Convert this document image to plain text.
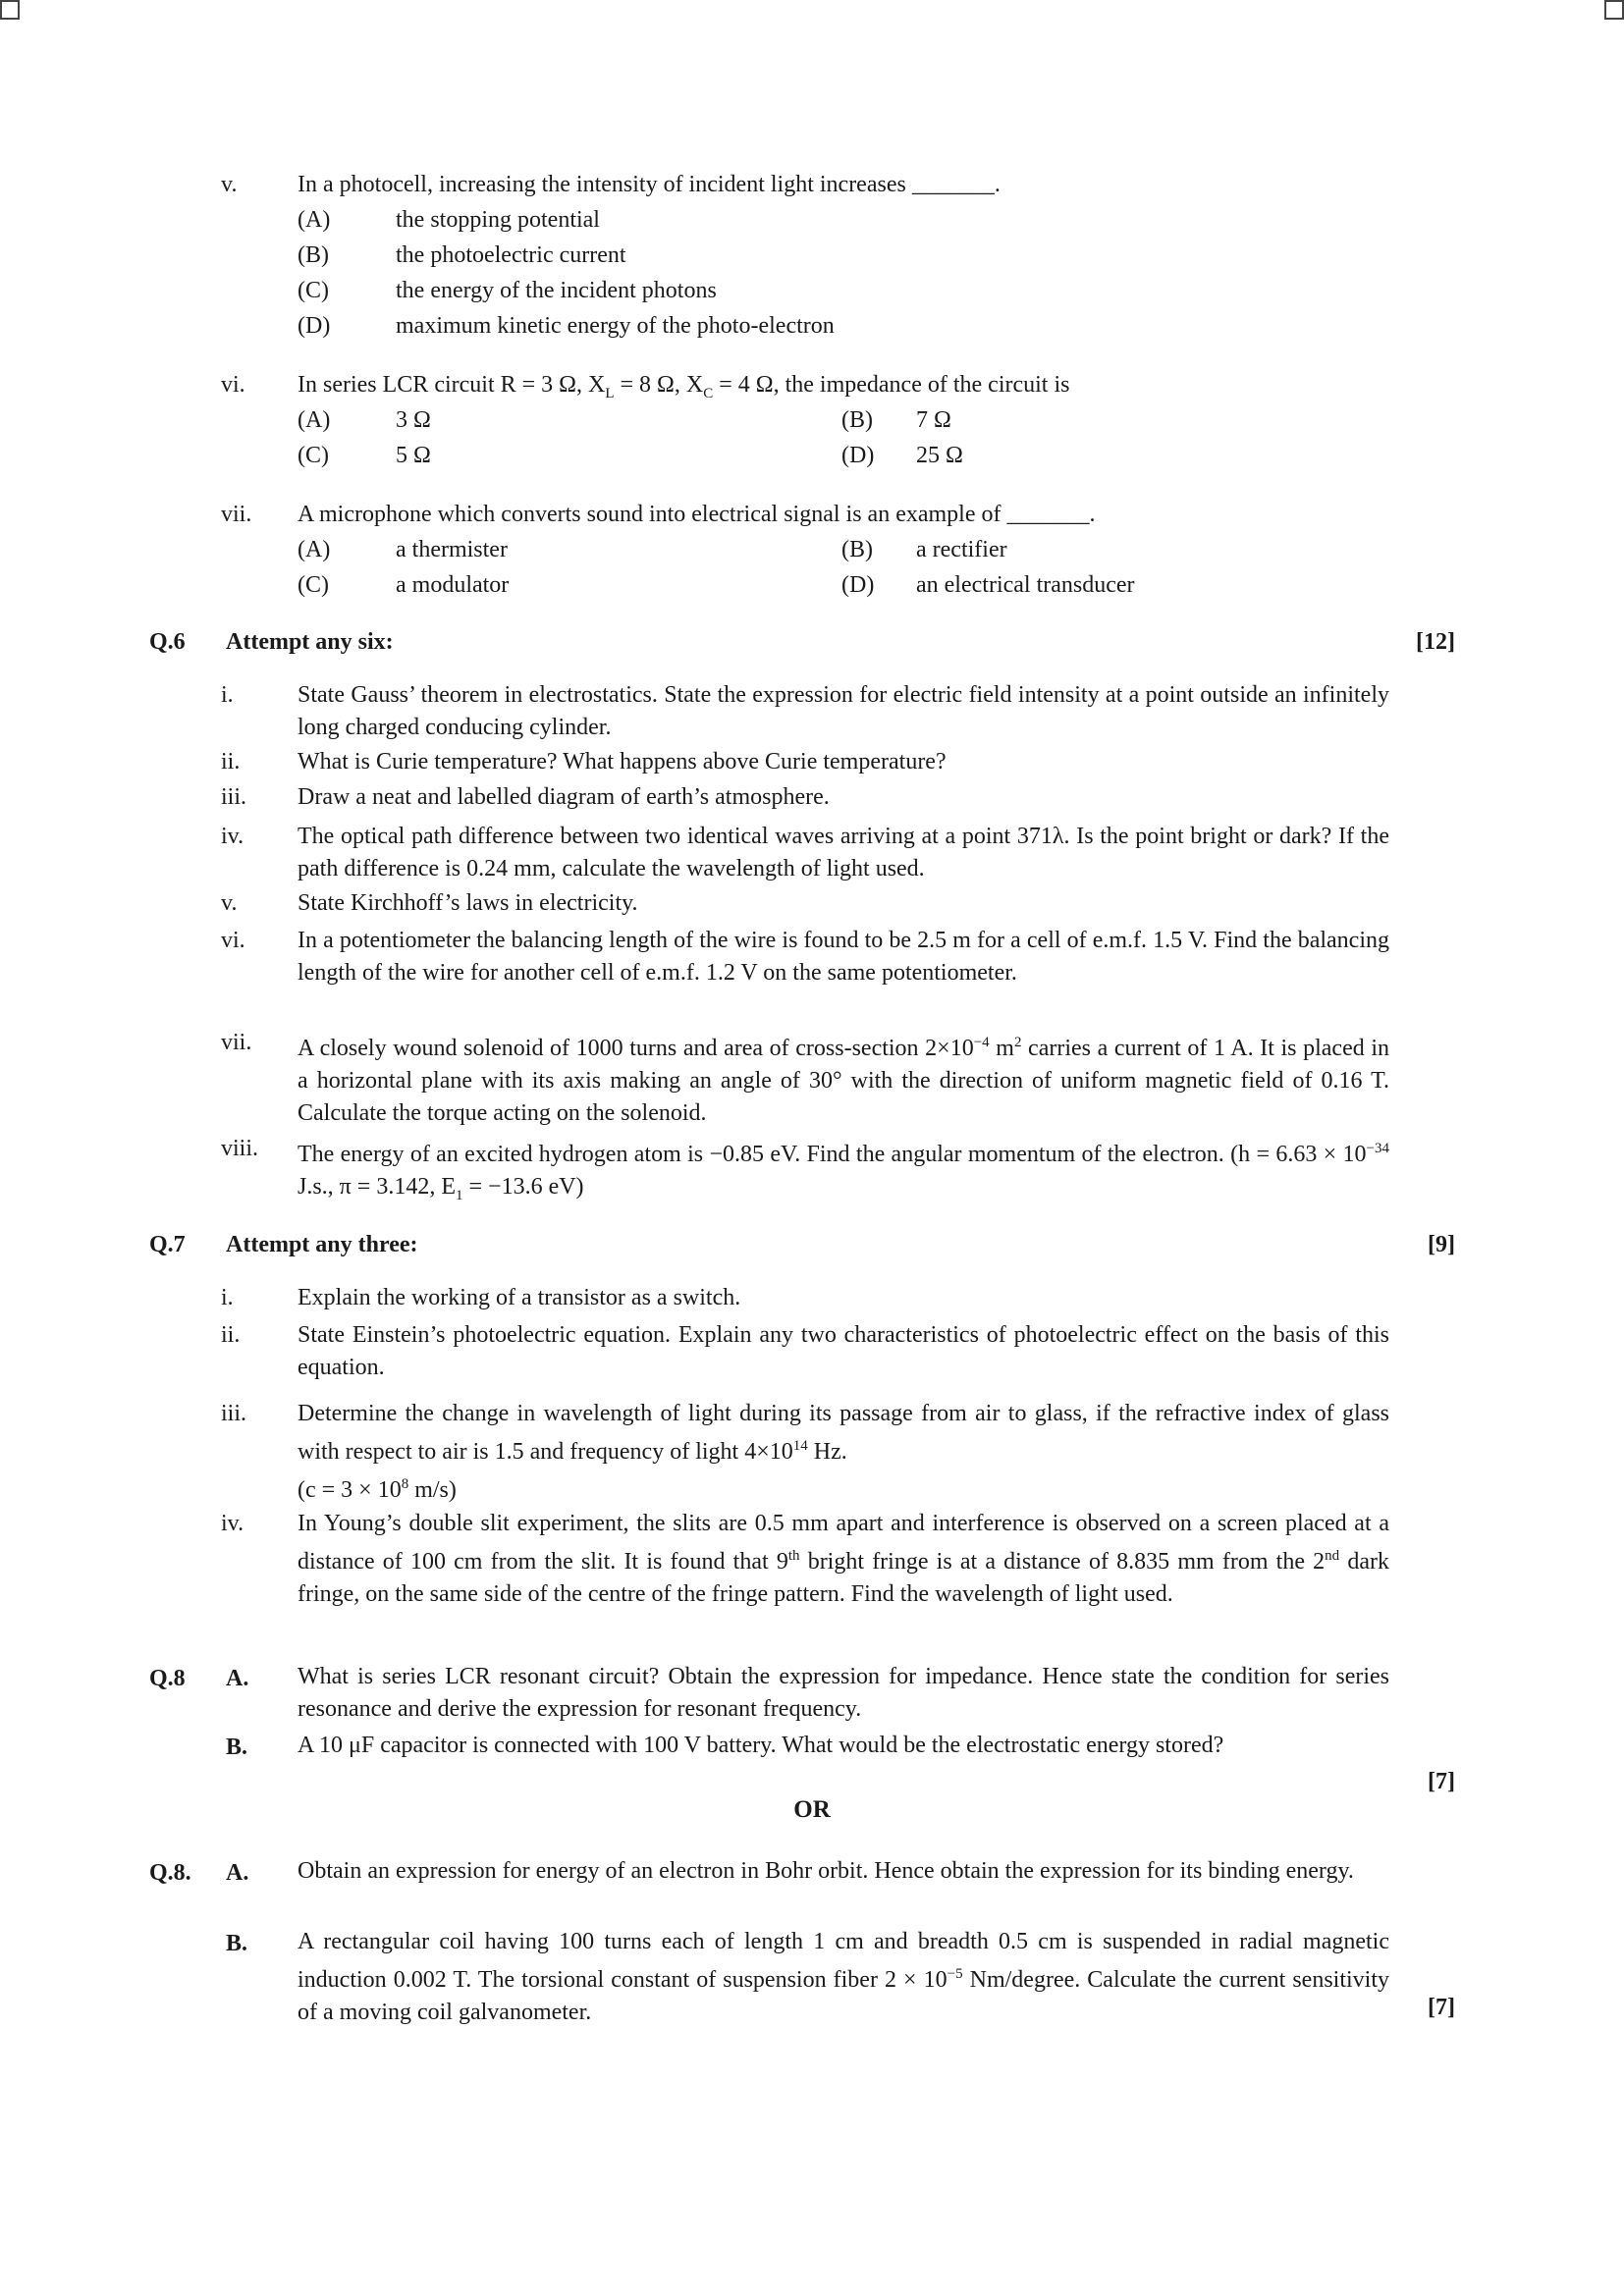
v.	In a photocell, increasing the intensity of incident light increases _______.
(A)	the stopping potential
(B)	the photoelectric current
(C)	the energy of the incident photons
(D)	maximum kinetic energy of the photo-electron
vi. In series LCR circuit R = 3 Ω, $X_L = 8$ Ω, $X_C = 4$ Ω, the impedance of the circuit is
(A)	3 Ω	(B) 7 Ω
(C)	5 Ω	(D) 25 Ω
vii. A microphone which converts sound into electrical signal is an example of _______.
(A)	a thermister	(B) a rectifier
(C)	a modulator	(D) an electrical transducer
Q.6 Attempt any six:	[12]
i.	State Gauss’ theorem in electrostatics. State the expression for electric field intensity at a point outside an infinitely long charged conducing cylinder.
ii. What is Curie temperature? What happens above Curie temperature?
iii. Draw a neat and labelled diagram of earth’s atmosphere.
iv. The optical path difference between two identical waves arriving at a point 371λ. Is the point bright or dark? If the path difference is 0.24 mm, calculate the wavelength of light used.
v.	State Kirchhoff’s laws in electricity.
vi. In a potentiometer the balancing length of the wire is found to be 2.5 m for a cell of e.m.f. 1.5 V. Find the balancing length of the wire for another cell of e.m.f. 1.2 V on the same potentiometer.
vii. A closely wound solenoid of 1000 turns and area of cross-section $2\times 10^{-4}$ $m^2$ carries a current of 1 A. It is placed in a horizontal plane with its axis making an angle of 30° with the direction of uniform magnetic field of 0.16 T. Calculate the torque acting on the solenoid.
viii. The energy of an excited hydrogen atom is −0.85 eV. Find the angular momentum of the electron. ($h = 6.63 \times 10^{-34}$ J.s., π = 3.142, $E_1 = -13.6$ eV)
Q.7 Attempt any three:	[9]
i.	Explain the working of a transistor as a switch.
ii. State Einstein’s photoelectric equation. Explain any two characteristics of photoelectric effect on the basis of this equation.
iii. Determine the change in wavelength of light during its passage from air to glass, if the refractive index of glass with respect to air is 1.5 and frequency of light $4\times 10^{14}$ Hz.
($c = 3 \times 10^8$ m/s)
iv. In Young’s double slit experiment, the slits are 0.5 mm apart and interference is observed on a screen placed at a distance of 100 cm from the slit. It is found that 9th bright fringe is at a distance of 8.835 mm from the 2nd dark fringe, on the same side of the centre of the fringe pattern. Find the wavelength of light used.
Q.8 A. What is series LCR resonant circuit? Obtain the expression for impedance. Hence state the condition for series resonance and derive the expression for resonant frequency.
B. A 10 μF capacitor is connected with 100 V battery. What would be the electrostatic energy stored?
[7]
OR
Q.8. A. Obtain an expression for energy of an electron in Bohr orbit. Hence obtain the expression for its binding energy.
B. A rectangular coil having 100 turns each of length 1 cm and breadth 0.5 cm is suspended in radial magnetic induction 0.002 T. The torsional constant of suspension fiber $2 \times 10^{-5}$ Nm/degree. Calculate the current sensitivity of a moving coil galvanometer.	[7]
